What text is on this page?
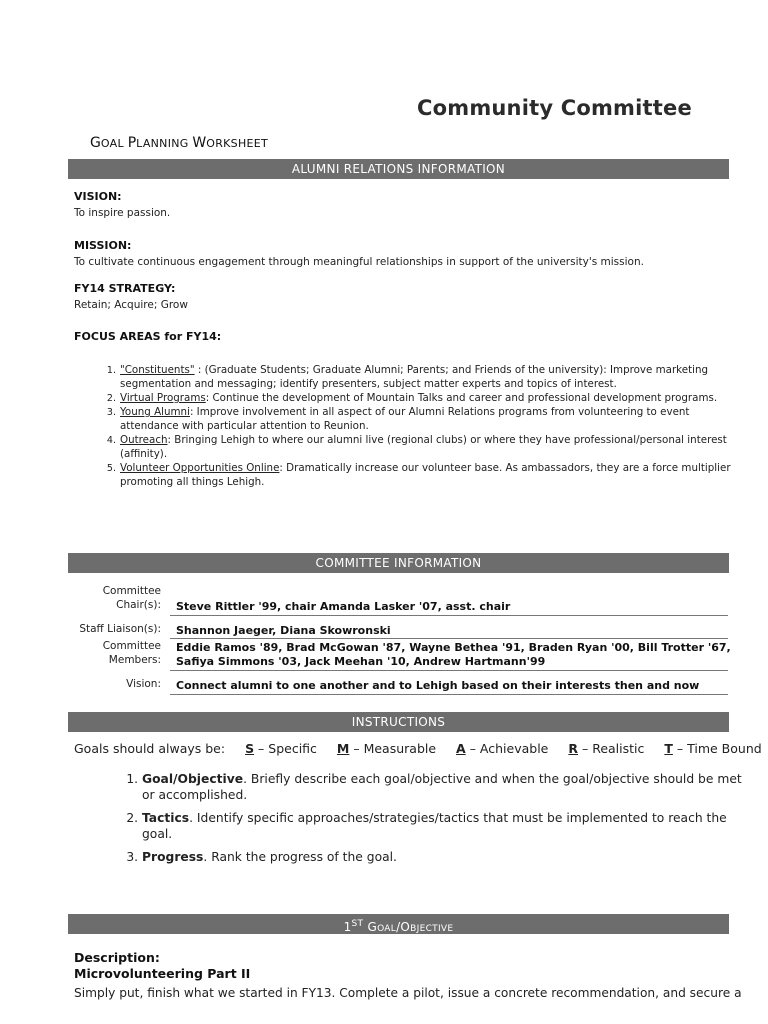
Community Committee
GOAL PLANNING WORKSHEET
ALUMNI RELATIONS INFORMATION
VISION:
To inspire passion.
MISSION:
To cultivate continuous engagement through meaningful relationships in support of the university's mission.
FY14 STRATEGY:
Retain; Acquire; Grow
FOCUS AREAS for FY14:
1. "Constituents" : (Graduate Students; Graduate Alumni; Parents; and Friends of the university): Improve marketing segmentation and messaging; identify presenters, subject matter experts and topics of interest.
2. Virtual Programs: Continue the development of Mountain Talks and career and professional development programs.
3. Young Alumni: Improve involvement in all aspect of our Alumni Relations programs from volunteering to event attendance with particular attention to Reunion.
4. Outreach: Bringing Lehigh to where our alumni live (regional clubs) or where they have professional/personal interest (affinity).
5. Volunteer Opportunities Online: Dramatically increase our volunteer base. As ambassadors, they are a force multiplier promoting all things Lehigh.
COMMITTEE INFORMATION
Committee
Chair(s): Steve Rittler '99, chair Amanda Lasker '07, asst. chair
Staff Liaison(s): Shannon Jaeger, Diana Skowronski
Committee
Members:
Eddie Ramos '89, Brad McGowan '87, Wayne Bethea '91, Braden Ryan '00, Bill Trotter '67,
Safiya Simmons '03, Jack Meehan '10, Andrew Hartmann'99
Vision: Connect alumni to one another and to Lehigh based on their interests then and now
INSTRUCTIONS
Goals should always be: S – Specific M – Measurable A – Achievable R – Realistic T – Time Bound
1. Goal/Objective. Briefly describe each goal/objective and when the goal/objective should be met or accomplished.
2. Tactics. Identify specific approaches/strategies/tactics that must be implemented to reach the goal.
3. Progress. Rank the progress of the goal.
1ST GOAL/OBJECTIVE
Description:
Microvolunteering Part II
Simply put, finish what we started in FY13. Complete a pilot, issue a concrete recommendation, and secure a
